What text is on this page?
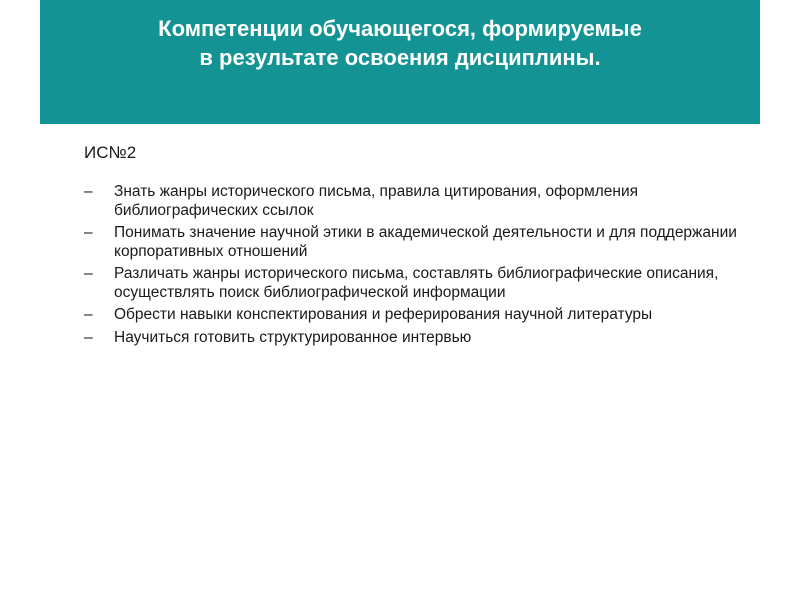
Компетенции обучающегося, формируемые
в результате освоения дисциплины.

ИС№2

– Знать жанры исторического письма, правила цитирования, оформления библиографических ссылок
– Понимать значение научной этики в академической деятельности и для поддержании корпоративных отношений
– Различать жанры исторического письма, составлять библиографические описания, осуществлять поиск библиографической информации
– Обрести навыки конспектирования и реферирования научной литературы
– Научиться готовить структурированное интервью
